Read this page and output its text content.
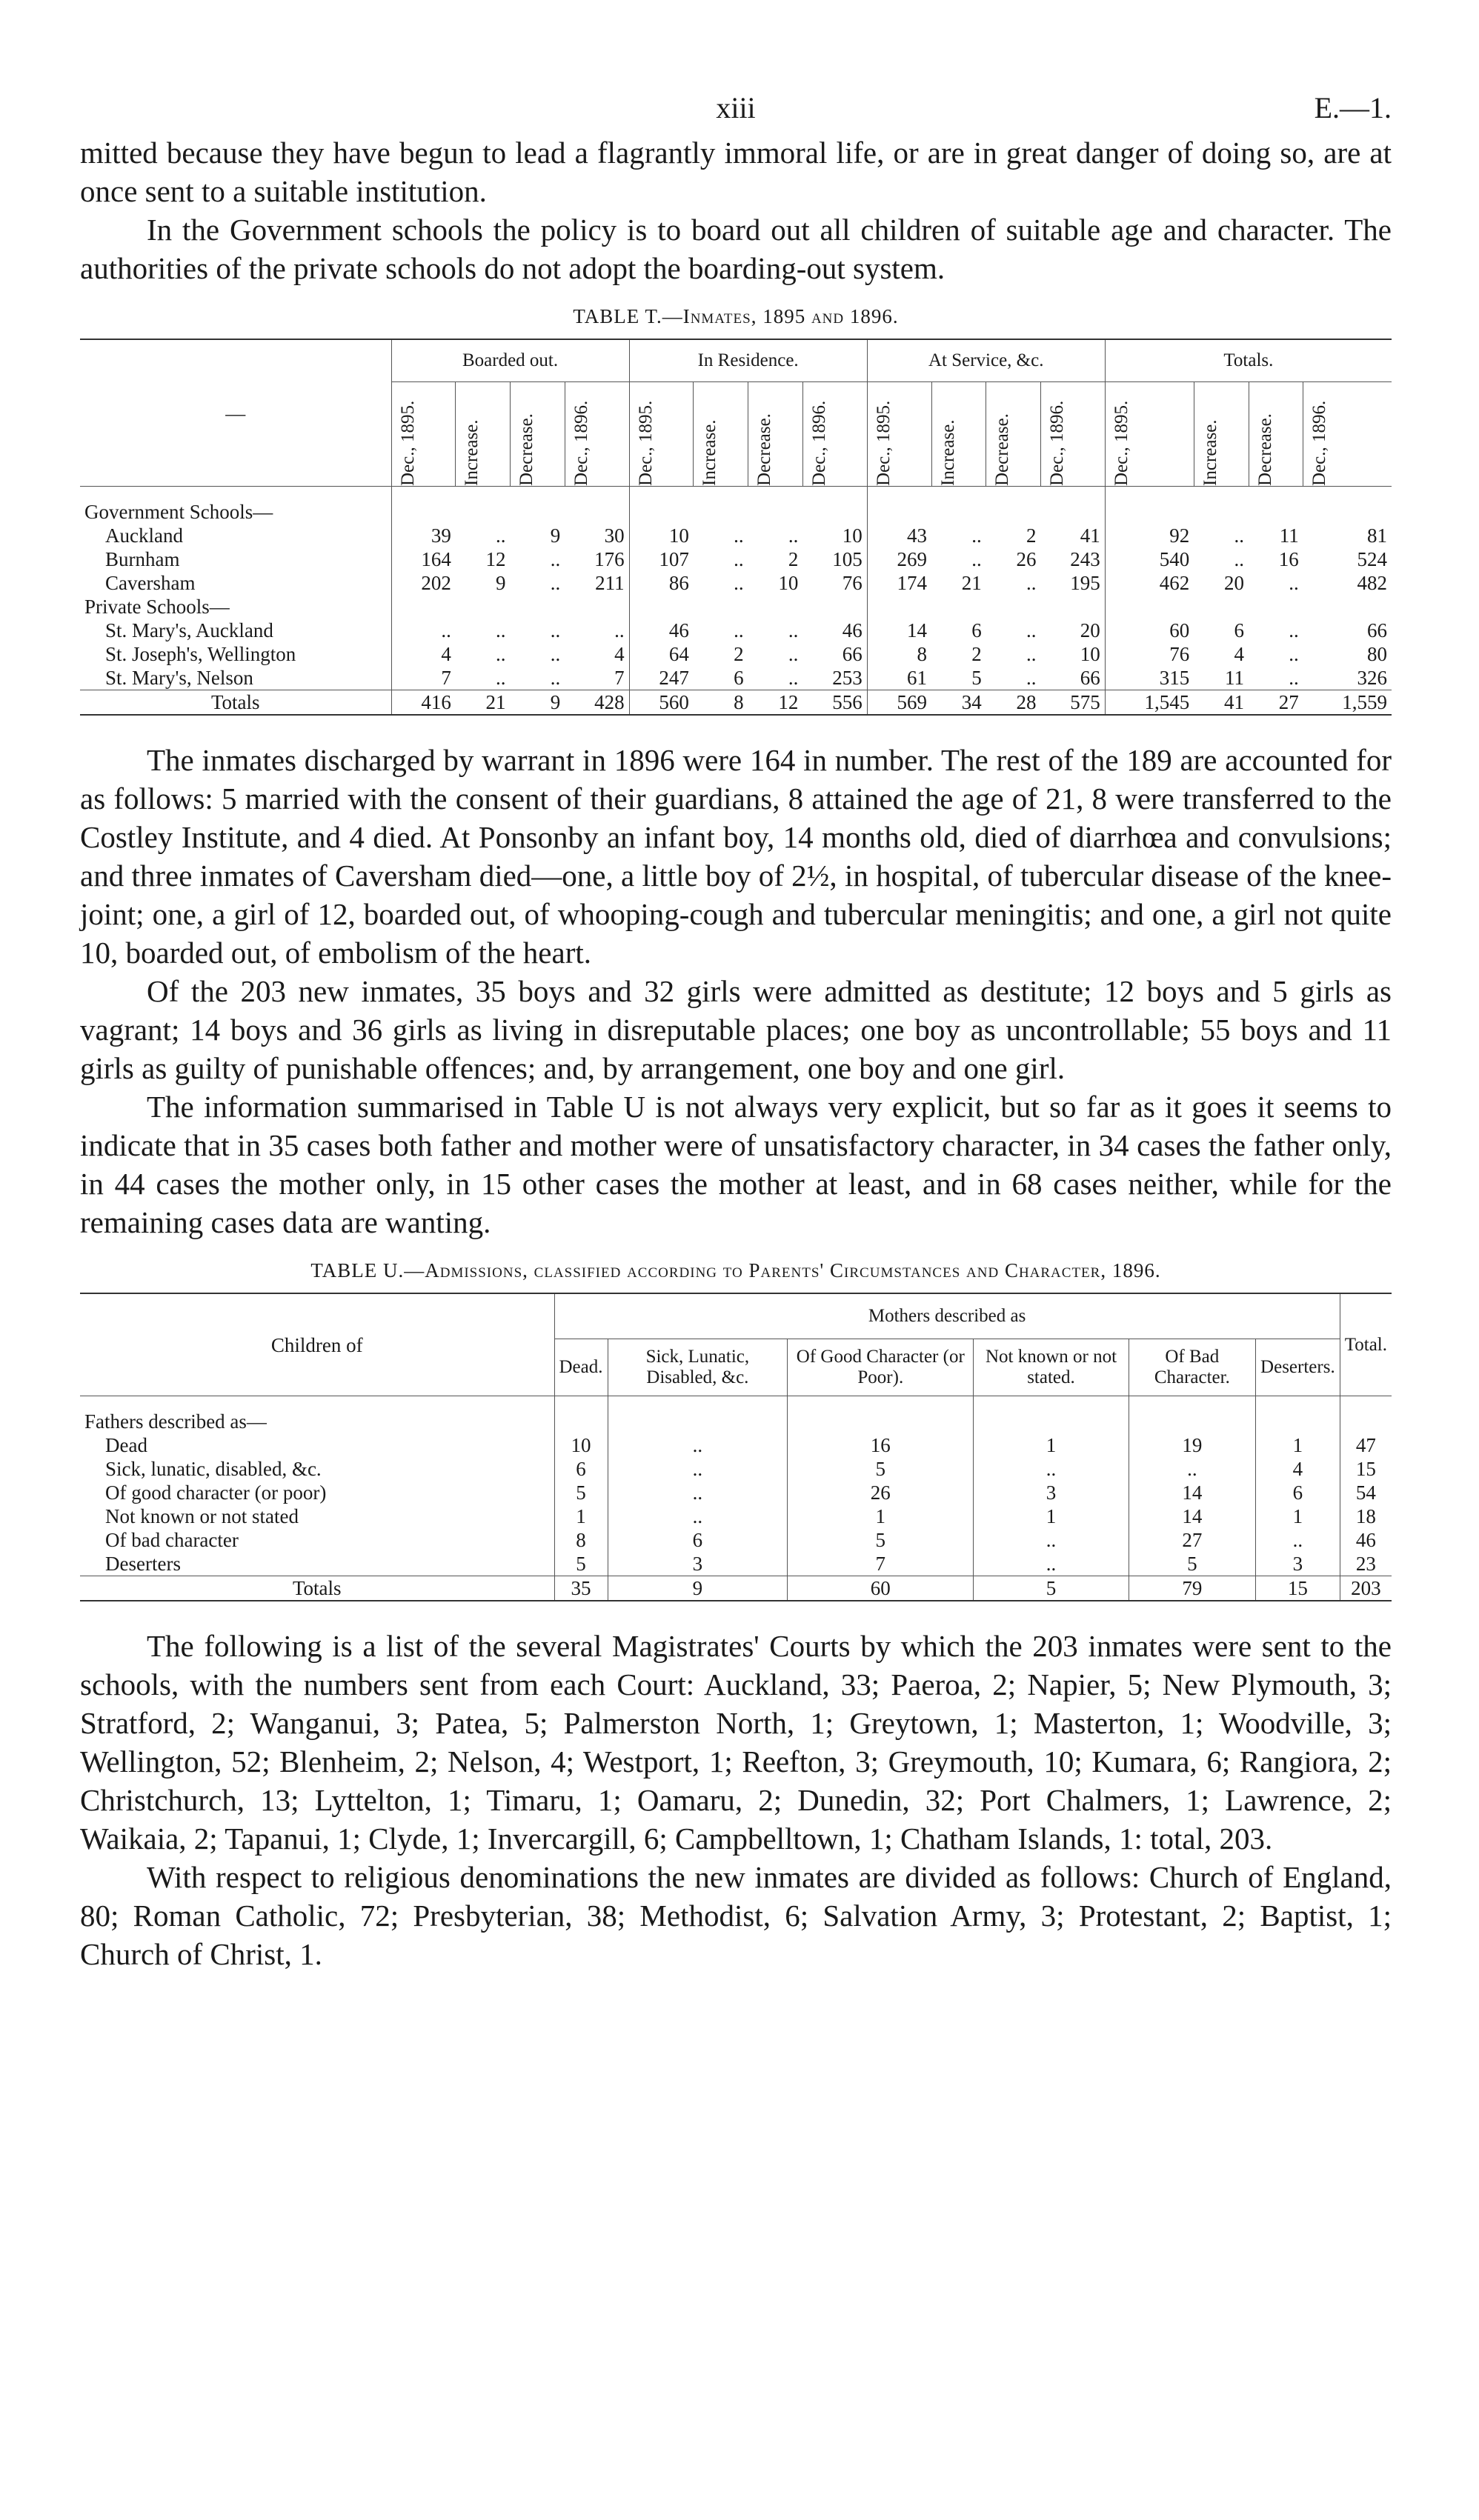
xiii	E.—1.

mitted because they have begun to lead a flagrantly immoral life, or are in great danger of doing so, are at once sent to a suitable institution.

In the Government schools the policy is to board out all children of suitable age and character. The authorities of the private schools do not adopt the boarding-out system.

TABLE T.—Inmates, 1895 and 1896.
—	Boarded out.				In Residence.				At Service, &c.				Totals.			

	Dec., 1895.	Increase.	Decrease.	Dec., 1896.	Dec., 1895.	Increase.	Decrease.	Dec., 1896.	Dec., 1895.	Increase.	Decrease.	Dec., 1896.	Dec., 1895.	Increase.	Decrease.	Dec., 1896.

Government Schools—																
Auckland	39	..	9	30	10	..	..	10	43	..	2	41	92	..	11	81
Burnham	164	12	..	176	107	..	2	105	269	..	26	243	540	..	16	524
Caversham	202	9	..	211	86	..	10	76	174	21	..	195	462	20	..	482
Private Schools—																
St. Mary's, Auckland	..	..	..	..	46	..	..	46	14	6	..	20	60	6	..	66
St. Joseph's, Wellington	4	..	..	4	64	2	..	66	8	2	..	10	76	4	..	80
St. Mary's, Nelson	7	..	..	7	247	6	..	253	61	5	..	66	315	11	..	326
Totals	416	21	9	428	560	8	12	556	569	34	28	575	1,545	41	27	1,559

The inmates discharged by warrant in 1896 were 164 in number. The rest of the 189 are accounted for as follows: 5 married with the consent of their guardians, 8 attained the age of 21, 8 were transferred to the Costley Institute, and 4 died. At Ponsonby an infant boy, 14 months old, died of diarrhœa and convulsions; and three inmates of Caversham died—one, a little boy of 2½, in hospital, of tubercular disease of the knee-joint; one, a girl of 12, boarded out, of whooping-cough and tubercular meningitis; and one, a girl not quite 10, boarded out, of embolism of the heart.

Of the 203 new inmates, 35 boys and 32 girls were admitted as destitute; 12 boys and 5 girls as vagrant; 14 boys and 36 girls as living in disreputable places; one boy as uncontrollable; 55 boys and 11 girls as guilty of punishable offences; and, by arrangement, one boy and one girl.

The information summarised in Table U is not always very explicit, but so far as it goes it seems to indicate that in 35 cases both father and mother were of unsatisfactory character, in 34 cases the father only, in 44 cases the mother only, in 15 other cases the mother at least, and in 68 cases neither, while for the remaining cases data are wanting.

TABLE U.—Admissions, classified according to Parents' Circumstances and Character, 1896.
Children of	Mothers described as						Total.
	Dead.	Sick, Lunatic, Disabled, &c.	Of Good Character (or Poor).	Not known or not stated.	Of Bad Character.	Deserters.	

Fathers described as—							
Dead	10	..	16	1	19	1	47
Sick, lunatic, disabled, &c.	6	..	5	..	..	4	15
Of good character (or poor)	5	..	26	3	14	6	54
Not known or not stated	1	..	1	1	14	1	18
Of bad character	8	6	5	..	27	..	46
Deserters	5	3	7	..	5	3	23
Totals	35	9	60	5	79	15	203

The following is a list of the several Magistrates' Courts by which the 203 inmates were sent to the schools, with the numbers sent from each Court: Auckland, 33; Paeroa, 2; Napier, 5; New Plymouth, 3; Stratford, 2; Wanganui, 3; Patea, 5; Palmerston North, 1; Greytown, 1; Masterton, 1; Woodville, 3; Wellington, 52; Blenheim, 2; Nelson, 4; Westport, 1; Reefton, 3; Greymouth, 10; Kumara, 6; Rangiora, 2; Christchurch, 13; Lyttelton, 1; Timaru, 1; Oamaru, 2; Dunedin, 32; Port Chalmers, 1; Lawrence, 2; Waikaia, 2; Tapanui, 1; Clyde, 1; Invercargill, 6; Campbelltown, 1; Chatham Islands, 1: total, 203.

With respect to religious denominations the new inmates are divided as follows: Church of England, 80; Roman Catholic, 72; Presbyterian, 38; Methodist, 6; Salvation Army, 3; Protestant, 2; Baptist, 1; Church of Christ, 1.
